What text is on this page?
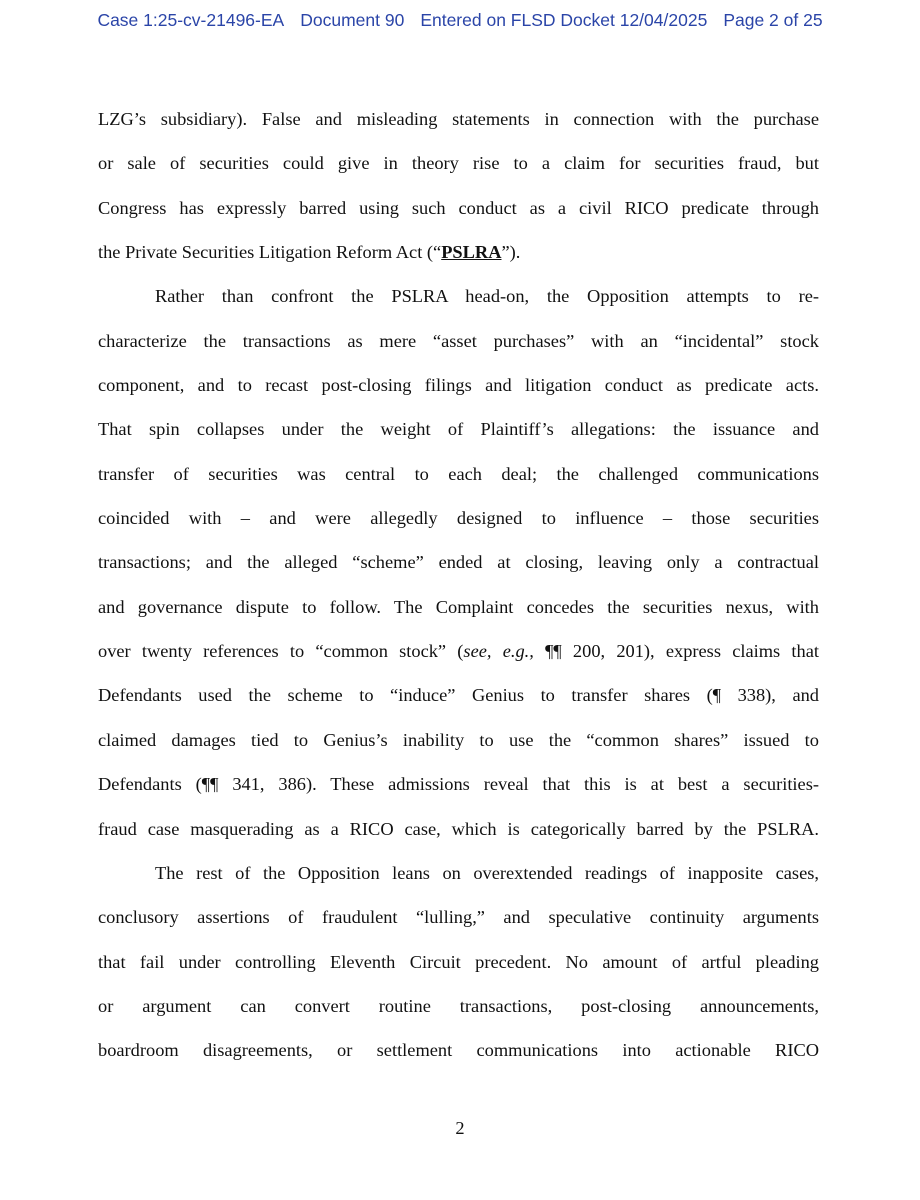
Case 1:25-cv-21496-EA Document 90 Entered on FLSD Docket 12/04/2025 Page 2 of 25
LZG’s subsidiary). False and misleading statements in connection with the purchase
or sale of securities could give in theory rise to a claim for securities fraud, but
Congress has expressly barred using such conduct as a civil RICO predicate through
the Private Securities Litigation Reform Act (“PSLRA”).
Rather than confront the PSLRA head-on, the Opposition attempts to re-
characterize the transactions as mere “asset purchases” with an “incidental” stock
component, and to recast post-closing filings and litigation conduct as predicate acts.
That spin collapses under the weight of Plaintiff’s allegations: the issuance and
transfer of securities was central to each deal; the challenged communications
coincided with – and were allegedly designed to influence – those securities
transactions; and the alleged “scheme” ended at closing, leaving only a contractual
and governance dispute to follow. The Complaint concedes the securities nexus, with
over twenty references to “common stock” (see, e.g., ¶¶ 200, 201), express claims that
Defendants used the scheme to “induce” Genius to transfer shares (¶ 338), and
claimed damages tied to Genius’s inability to use the “common shares” issued to
Defendants (¶¶ 341, 386). These admissions reveal that this is at best a securities-
fraud case masquerading as a RICO case, which is categorically barred by the PSLRA.
The rest of the Opposition leans on overextended readings of inapposite cases,
conclusory assertions of fraudulent “lulling,” and speculative continuity arguments
that fail under controlling Eleventh Circuit precedent. No amount of artful pleading
or argument can convert routine transactions, post-closing announcements,
boardroom disagreements, or settlement communications into actionable RICO
2
